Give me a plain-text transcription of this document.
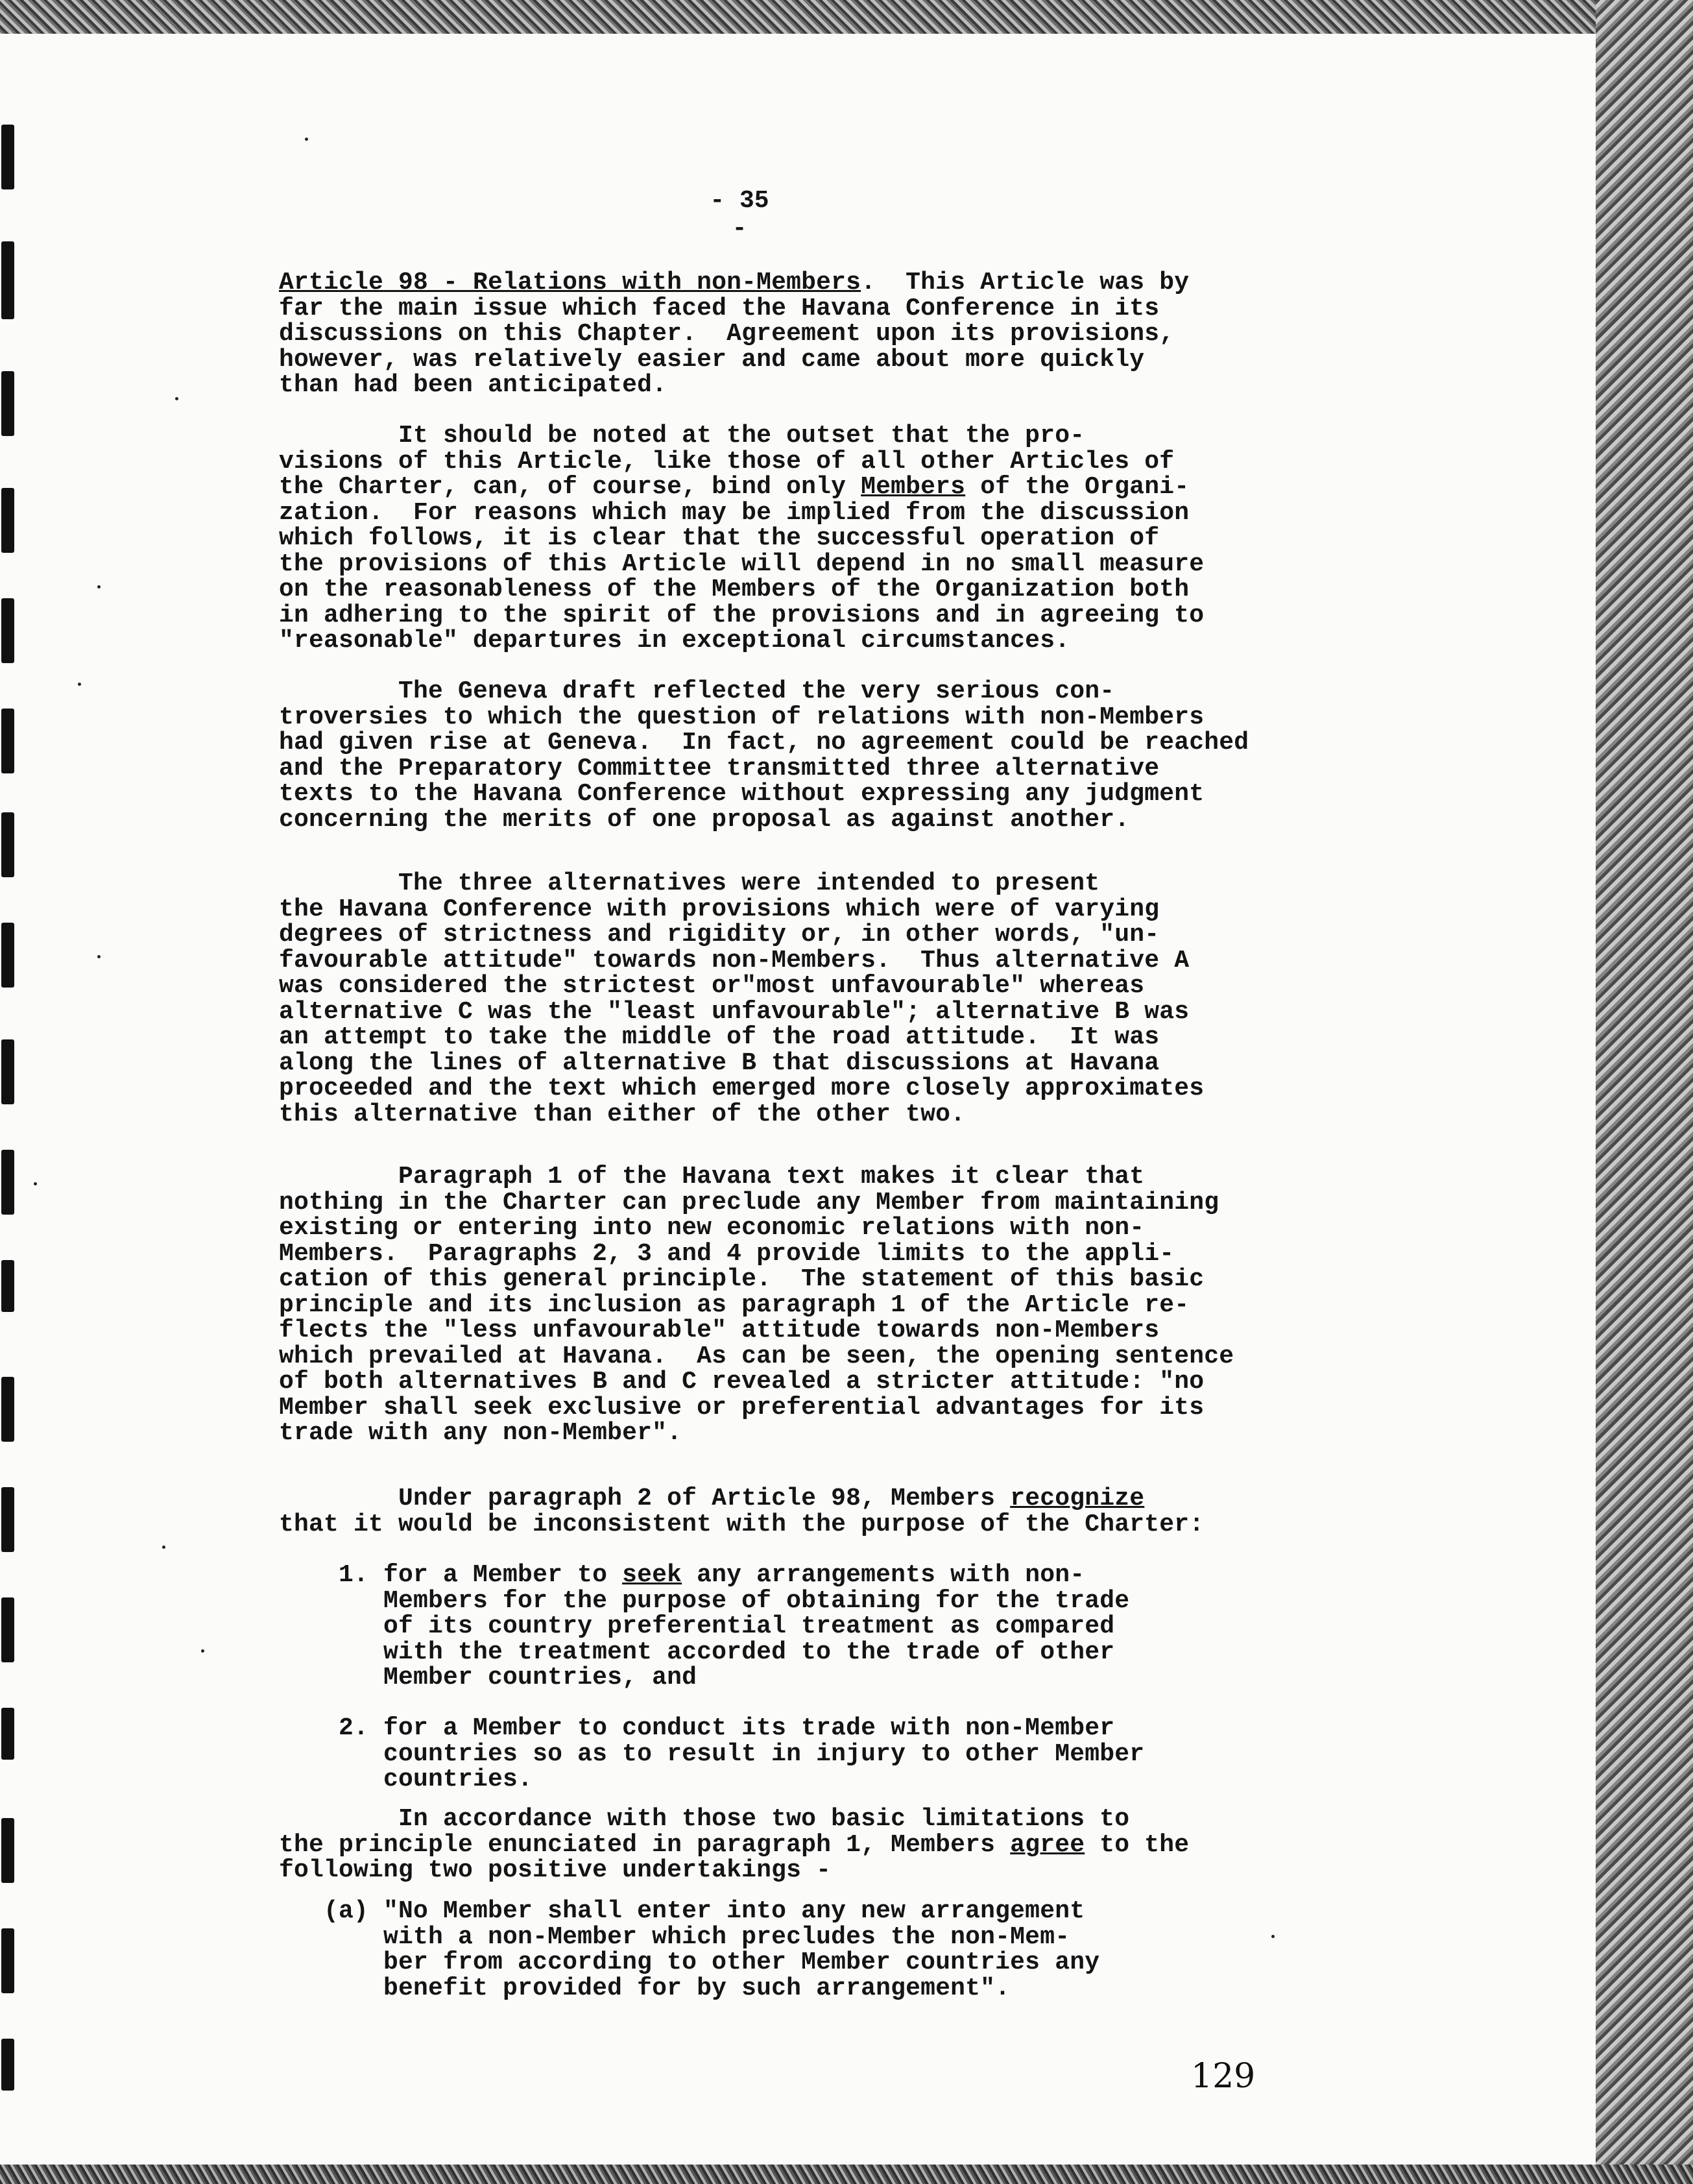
- 35 -

Article 98 - Relations with non-Members.  This Article was by
far the main issue which faced the Havana Conference in its
discussions on this Chapter.  Agreement upon its provisions,
however, was relatively easier and came about more quickly
than had been anticipated.

It should be noted at the outset that the pro-
visions of this Article, like those of all other Articles of
the Charter, can, of course, bind only Members of the Organi-
zation.  For reasons which may be implied from the discussion
which follows, it is clear that the successful operation of
the provisions of this Article will depend in no small measure
on the reasonableness of the Members of the Organization both
in adhering to the spirit of the provisions and in agreeing to
"reasonable" departures in exceptional circumstances.

The Geneva draft reflected the very serious con-
troversies to which the question of relations with non-Members
had given rise at Geneva.  In fact, no agreement could be reached
and the Preparatory Committee transmitted three alternative
texts to the Havana Conference without expressing any judgment
concerning the merits of one proposal as against another.

The three alternatives were intended to present
the Havana Conference with provisions which were of varying
degrees of strictness and rigidity or, in other words, "un-
favourable attitude" towards non-Members.  Thus alternative A
was considered the strictest or"most unfavourable" whereas
alternative C was the "least unfavourable"; alternative B was
an attempt to take the middle of the road attitude.  It was
along the lines of alternative B that discussions at Havana
proceeded and the text which emerged more closely approximates
this alternative than either of the other two.

Paragraph 1 of the Havana text makes it clear that
nothing in the Charter can preclude any Member from maintaining
existing or entering into new economic relations with non-
Members.  Paragraphs 2, 3 and 4 provide limits to the appli-
cation of this general principle.  The statement of this basic
principle and its inclusion as paragraph 1 of the Article re-
flects the "less unfavourable" attitude towards non-Members
which prevailed at Havana.  As can be seen, the opening sentence
of both alternatives B and C revealed a stricter attitude: "no
Member shall seek exclusive or preferential advantages for its
trade with any non-Member".

Under paragraph 2 of Article 98, Members recognize
that it would be inconsistent with the purpose of the Charter:

1. for a Member to seek any arrangements with non-
Members for the purpose of obtaining for the trade
of its country preferential treatment as compared
with the treatment accorded to the trade of other
Member countries, and

2. for a Member to conduct its trade with non-Member
countries so as to result in injury to other Member
countries.

In accordance with those two basic limitations to
the principle enunciated in paragraph 1, Members agree to the
following two positive undertakings -

(a) "No Member shall enter into any new arrangement
with a non-Member which precludes the non-Mem-
ber from according to other Member countries any
benefit provided for by such arrangement".

129
